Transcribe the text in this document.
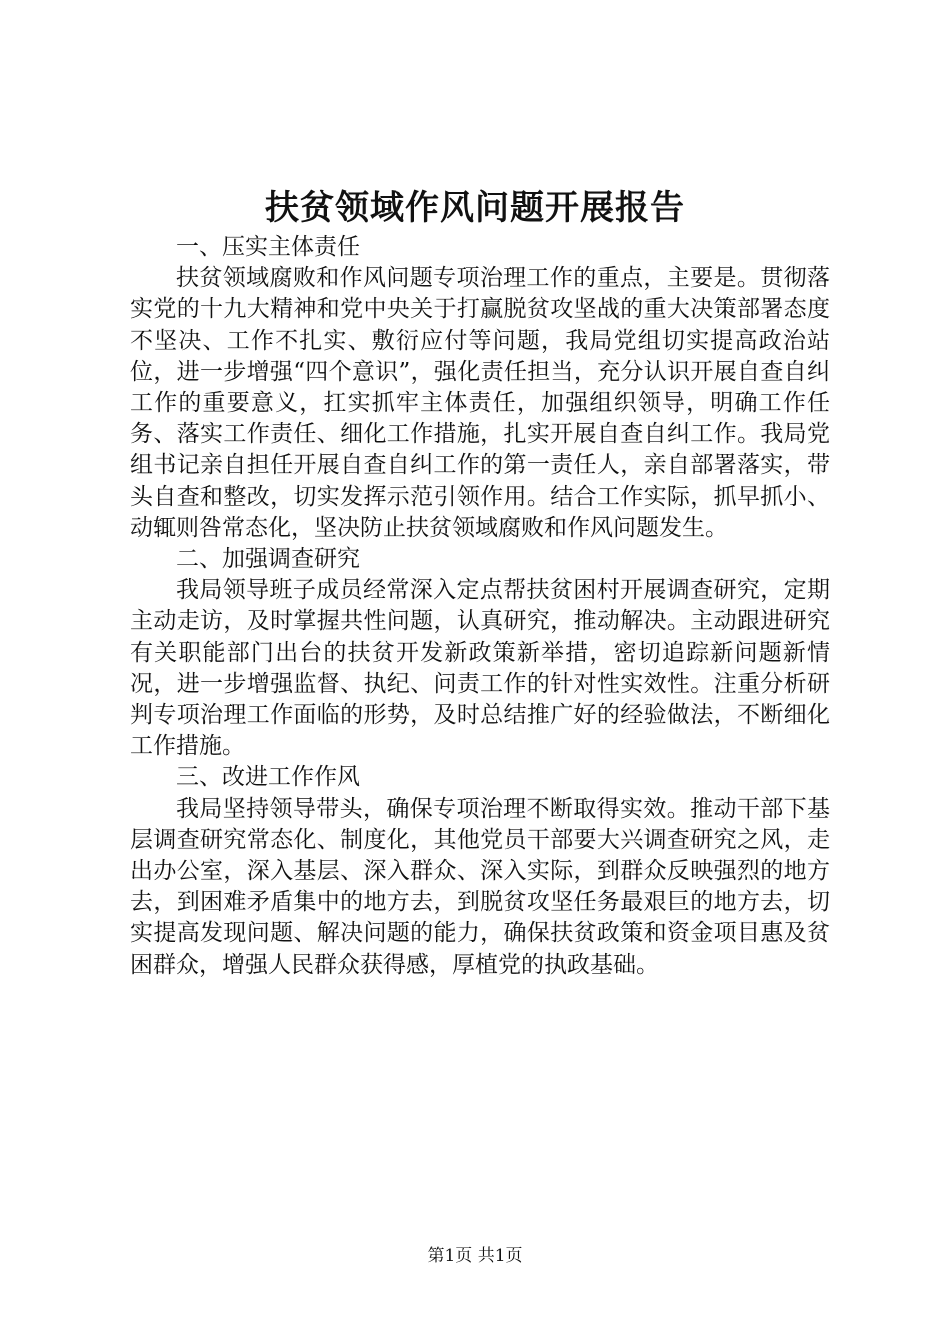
扶贫领域作风问题开展报告

一、压实主体责任

扶贫领域腐败和作风问题专项治理工作的重点，主要是。贯彻落实党的十九大精神和党中央关于打赢脱贫攻坚战的重大决策部署态度不坚决、工作不扎实、敷衍应付等问题，我局党组切实提高政治站位，进一步增强“四个意识”，强化责任担当，充分认识开展自查自纠工作的重要意义，扛实抓牢主体责任，加强组织领导，明确工作任务、落实工作责任、细化工作措施，扎实开展自查自纠工作。我局党组书记亲自担任开展自查自纠工作的第一责任人，亲自部署落实，带头自查和整改，切实发挥示范引领作用。结合工作实际，抓早抓小、动辄则咎常态化，坚决防止扶贫领域腐败和作风问题发生。

二、加强调查研究

我局领导班子成员经常深入定点帮扶贫困村开展调查研究，定期主动走访，及时掌握共性问题，认真研究，推动解决。主动跟进研究有关职能部门出台的扶贫开发新政策新举措，密切追踪新问题新情况，进一步增强监督、执纪、问责工作的针对性实效性。注重分析研判专项治理工作面临的形势，及时总结推广好的经验做法，不断细化工作措施。

三、改进工作作风

我局坚持领导带头，确保专项治理不断取得实效。推动干部下基层调查研究常态化、制度化，其他党员干部要大兴调查研究之风，走出办公室，深入基层、深入群众、深入实际，到群众反映强烈的地方去，到困难矛盾集中的地方去，到脱贫攻坚任务最艰巨的地方去，切实提高发现问题、解决问题的能力，确保扶贫政策和资金项目惠及贫困群众，增强人民群众获得感，厚植党的执政基础。

第1页 共1页
